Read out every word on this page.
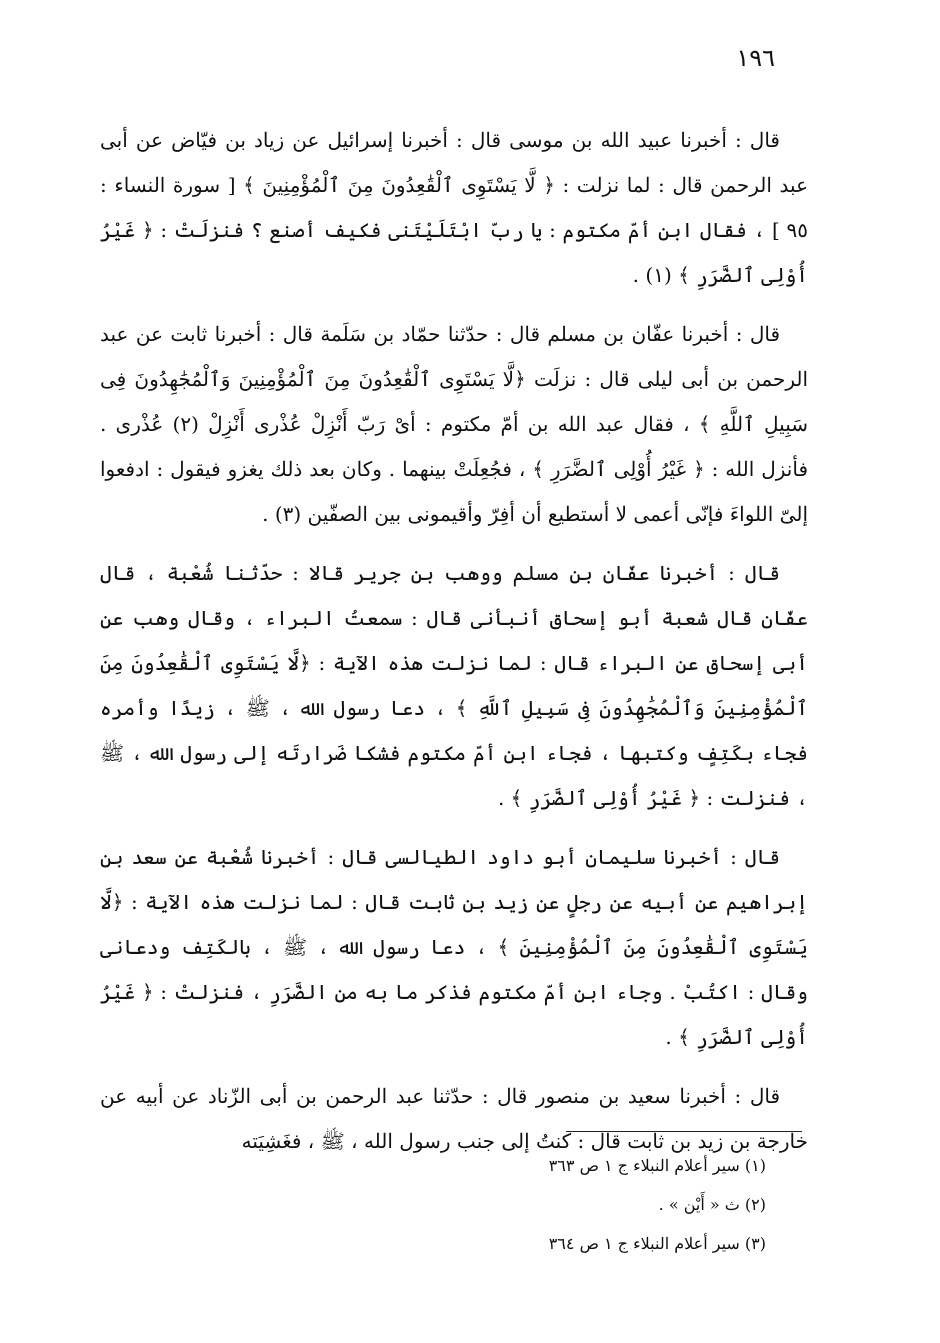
١٩٦

قال : أخبرنا عبيد الله بن موسى قال : أخبرنا إسرائيل عن زياد بن فيّاض عن أبى عبد الرحمن قال : لما نزلت : ﴿ لَّا يَسْتَوِى ٱلْقَٰعِدُونَ مِنَ ٱلْمُؤْمِنِينَ ﴾ [ سورة النساء : ٩٥ ] ، فقال ابن أمّ مكتوم : يا ربّ ابْتَلَيْتَنى فكيف أصنع ؟ فنزلَتْ : ﴿ غَيْرُ أُوْلِى ٱلضَّرَرِ ﴾ (١) .

قال : أخبرنا عفّان بن مسلم قال : حدّثنا حمّاد بن سَلَمة قال : أخبرنا ثابت عن عبد الرحمن بن أبى ليلى قال : نزلَت ﴿لَّا يَسْتَوِى ٱلْقَٰعِدُونَ مِنَ ٱلْمُؤْمِنِينَ وَٱلْمُجَٰهِدُونَ فِى سَبِيلِ ٱللَّهِ ﴾ ، فقال عبد الله بن أمّ مكتوم : أىْ رَبّ أَنْزِلْ عُذْرى أَنْزِلْ (٢) عُذْرى . فأنزل الله : ﴿ غَيْرُ أُوْلِى ٱلضَّرَرِ ﴾ ، فجُعِلَتْ بينهما . وكان بعد ذلك يغزو فيقول : ادفعوا إلىّ اللواءَ فإنّى أعمى لا أستطيع أن أفِرّ وأقيمونى بين الصفّين (٣) .

قال : أخبرنا عفّان بن مسلم ووهب بن جرير قالا : حدّثنا شُعْبة ، قال عفّان قال شعبة أبو إسحاق أنبأنى قال : سمعتُ البراء ، وقال وهب عن أبى إسحاق عن البراء قال : لما نزلت هذه الآية : ﴿لَّا يَسْتَوِى ٱلْقَٰعِدُونَ مِنَ ٱلْمُؤْمِنِينَ وَٱلْمُجَٰهِدُونَ فِى سَبِيلِ ٱللَّهِ ﴾ ، دعا رسول الله ، ﷺ ، زيدًا وأمره فجاء بكَتِفٍ وكتبها ، فجاء ابن أمّ مكتوم فشكا ضَرارتَه إلى رسول الله ، ﷺ ، فنزلت : ﴿ غَيْرُ أُوْلِى ٱلضَّرَرِ ﴾ .

قال : أخبرنا سليمان أبو داود الطيالسى قال : أخبرنا شُعْبة عن سعد بن إبراهيم عن أبيه عن رجلٍ عن زيد بن ثابت قال : لما نزلت هذه الآية : ﴿لَّا يَسْتَوِى ٱلْقَٰعِدُونَ مِنَ ٱلْمُؤْمِنِينَ ﴾ ، دعا رسول الله ، ﷺ ، بالكَتِف ودعانى وقال : اكتُبْ . وجاء ابن أمّ مكتوم فذكر ما به من الضَّرَرِ ، فنزلتْ : ﴿ غَيْرُ أُوْلِى ٱلضَّرَرِ ﴾ .

قال : أخبرنا سعيد بن منصور قال : حدّثنا عبد الرحمن بن أبى الزّناد عن أبيه عن خارجة بن زيد بن ثابت قال : كنتُ إلى جنب رسول الله ، ﷺ ، فغَشِيَته

(١) سير أعلام النبلاء ج ١ ص ٣٦٣

(٢) ث « أَيْن » .

(٣) سير أعلام النبلاء ج ١ ص ٣٦٤
